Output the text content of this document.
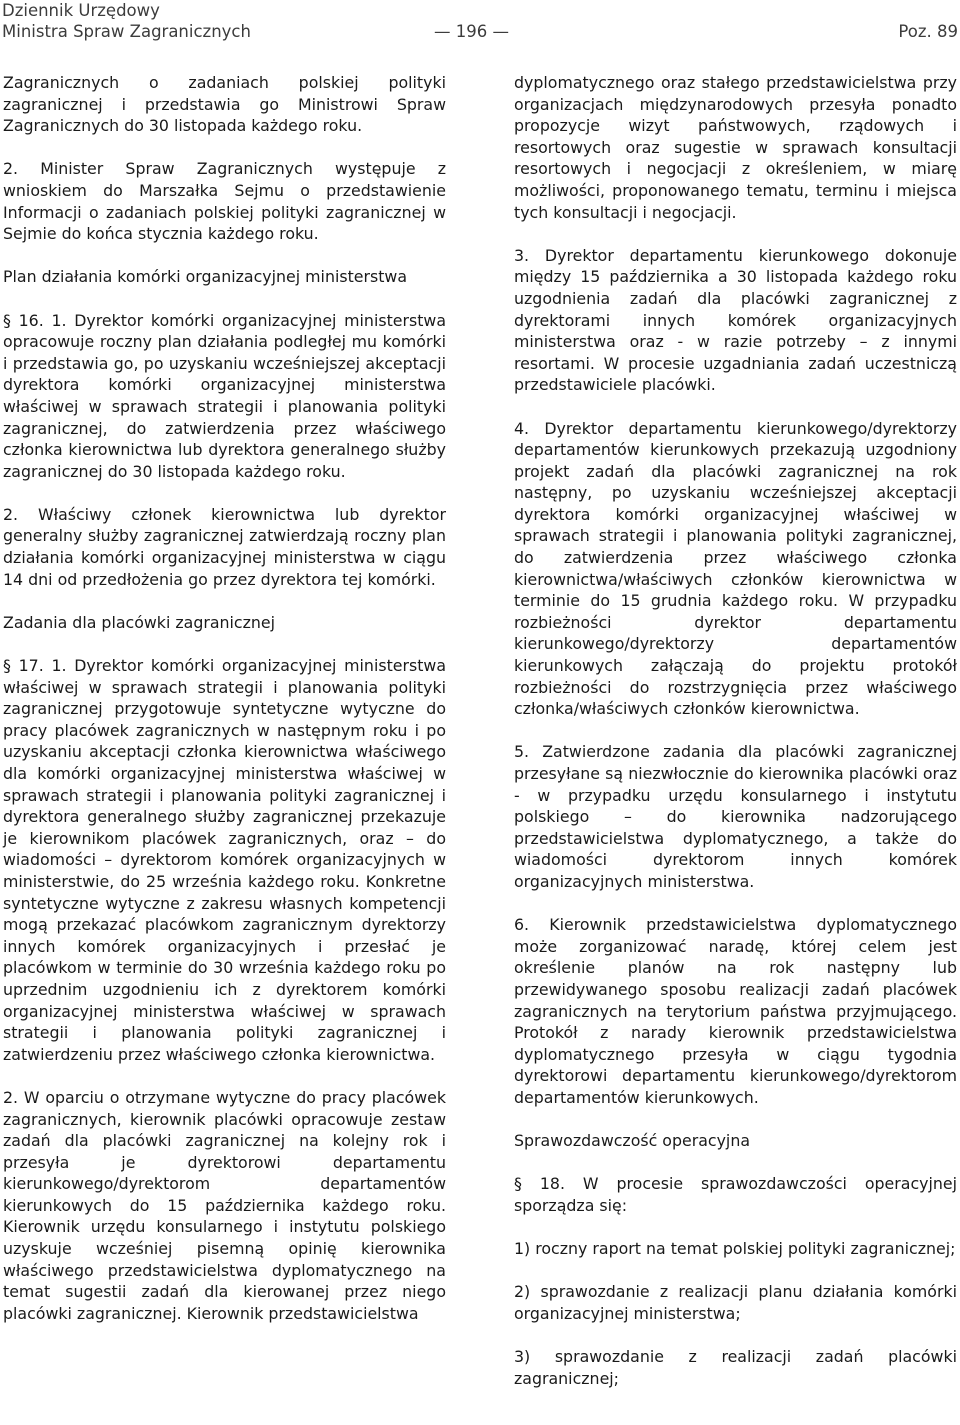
Dziennik Urzędowy
Ministra Spraw Zagranicznych	— 196 —	Poz. 89

Zagranicznych o zadaniach polskiej polityki zagranicznej i przedstawia go Ministrowi Spraw Zagranicznych do 30 listopada każdego roku.

2. Minister Spraw Zagranicznych występuje z wnioskiem do Marszałka Sejmu o przedstawienie Informacji o zadaniach polskiej polityki zagranicznej w Sejmie do końca stycznia każdego roku.

Plan działania komórki organizacyjnej ministerstwa

§ 16. 1. Dyrektor komórki organizacyjnej ministerstwa opracowuje roczny plan działania podległej mu komórki i przedstawia go, po uzyskaniu wcześniejszej akceptacji dyrektora komórki organizacyjnej ministerstwa właściwej w sprawach strategii i planowania polityki zagranicznej, do zatwierdzenia przez właściwego członka kierownictwa lub dyrektora generalnego służby zagranicznej do 30 listopada każdego roku.

2. Właściwy członek kierownictwa lub dyrektor generalny służby zagranicznej zatwierdzają roczny plan działania komórki organizacyjnej ministerstwa w ciągu 14 dni od przedłożenia go przez dyrektora tej komórki.

Zadania dla placówki zagranicznej

§ 17. 1. Dyrektor komórki organizacyjnej ministerstwa właściwej w sprawach strategii i planowania polityki zagranicznej przygotowuje syntetyczne wytyczne do pracy placówek zagranicznych w następnym roku i po uzyskaniu akceptacji członka kierownictwa właściwego dla komórki organizacyjnej ministerstwa właściwej w sprawach strategii i planowania polityki zagranicznej i dyrektora generalnego służby zagranicznej przekazuje je kierownikom placówek zagranicznych, oraz – do wiadomości – dyrektorom komórek organizacyjnych w ministerstwie, do 25 września każdego roku. Konkretne syntetyczne wytyczne z zakresu własnych kompetencji mogą przekazać placówkom zagranicznym dyrektorzy innych komórek organizacyjnych i przesłać je placówkom w terminie do 30 września każdego roku po uprzednim uzgodnieniu ich z dyrektorem komórki organizacyjnej ministerstwa właściwej w sprawach strategii i planowania polityki zagranicznej i zatwierdzeniu przez właściwego członka kierownictwa.

2. W oparciu o otrzymane wytyczne do pracy placówek zagranicznych, kierownik placówki opracowuje zestaw zadań dla placówki zagranicznej na kolejny rok i przesyła je dyrektorowi departamentu kierunkowego/dyrektorom departamentów kierunkowych do 15 października każdego roku. Kierownik urzędu konsularnego i instytutu polskiego uzyskuje wcześniej pisemną opinię kierownika właściwego przedstawicielstwa dyplomatycznego na temat sugestii zadań dla kierowanej przez niego placówki zagranicznej. Kierownik przedstawicielstwa

dyplomatycznego oraz stałego przedstawicielstwa przy organizacjach międzynarodowych przesyła ponadto propozycje wizyt państwowych, rządowych i resortowych oraz sugestie w sprawach konsultacji resortowych i negocjacji z określeniem, w miarę możliwości, proponowanego tematu, terminu i miejsca tych konsultacji i negocjacji.

3. Dyrektor departamentu kierunkowego dokonuje między 15 października a 30 listopada każdego roku uzgodnienia zadań dla placówki zagranicznej z dyrektorami innych komórek organizacyjnych ministerstwa oraz - w razie potrzeby – z innymi resortami. W procesie uzgadniania zadań uczestniczą przedstawiciele placówki.

4. Dyrektor departamentu kierunkowego/dyrektorzy departamentów kierunkowych przekazują uzgodniony projekt zadań dla placówki zagranicznej na rok następny, po uzyskaniu wcześniejszej akceptacji dyrektora komórki organizacyjnej właściwej w sprawach strategii i planowania polityki zagranicznej, do zatwierdzenia przez właściwego członka kierownictwa/właściwych członków kierownictwa w terminie do 15 grudnia każdego roku. W przypadku rozbieżności dyrektor departamentu kierunkowego/dyrektorzy departamentów kierunkowych załączają do projektu protokół rozbieżności do rozstrzygnięcia przez właściwego członka/właściwych członków kierownictwa.

5. Zatwierdzone zadania dla placówki zagranicznej przesyłane są niezwłocznie do kierownika placówki oraz - w przypadku urzędu konsularnego i instytutu polskiego – do kierownika nadzorującego przedstawicielstwa dyplomatycznego, a także do wiadomości dyrektorom innych komórek organizacyjnych ministerstwa.

6. Kierownik przedstawicielstwa dyplomatycznego może zorganizować naradę, której celem jest określenie planów na rok następny lub przewidywanego sposobu realizacji zadań placówek zagranicznych na terytorium państwa przyjmującego. Protokół z narady kierownik przedstawicielstwa dyplomatycznego przesyła w ciągu tygodnia dyrektorowi departamentu kierunkowego/dyrektorom departamentów kierunkowych.

Sprawozdawczość operacyjna

§ 18. W procesie sprawozdawczości operacyjnej sporządza się:

1) roczny raport na temat polskiej polityki zagranicznej;

2) sprawozdanie z realizacji planu działania komórki organizacyjnej ministerstwa;

3) sprawozdanie z realizacji zadań placówki zagranicznej;
